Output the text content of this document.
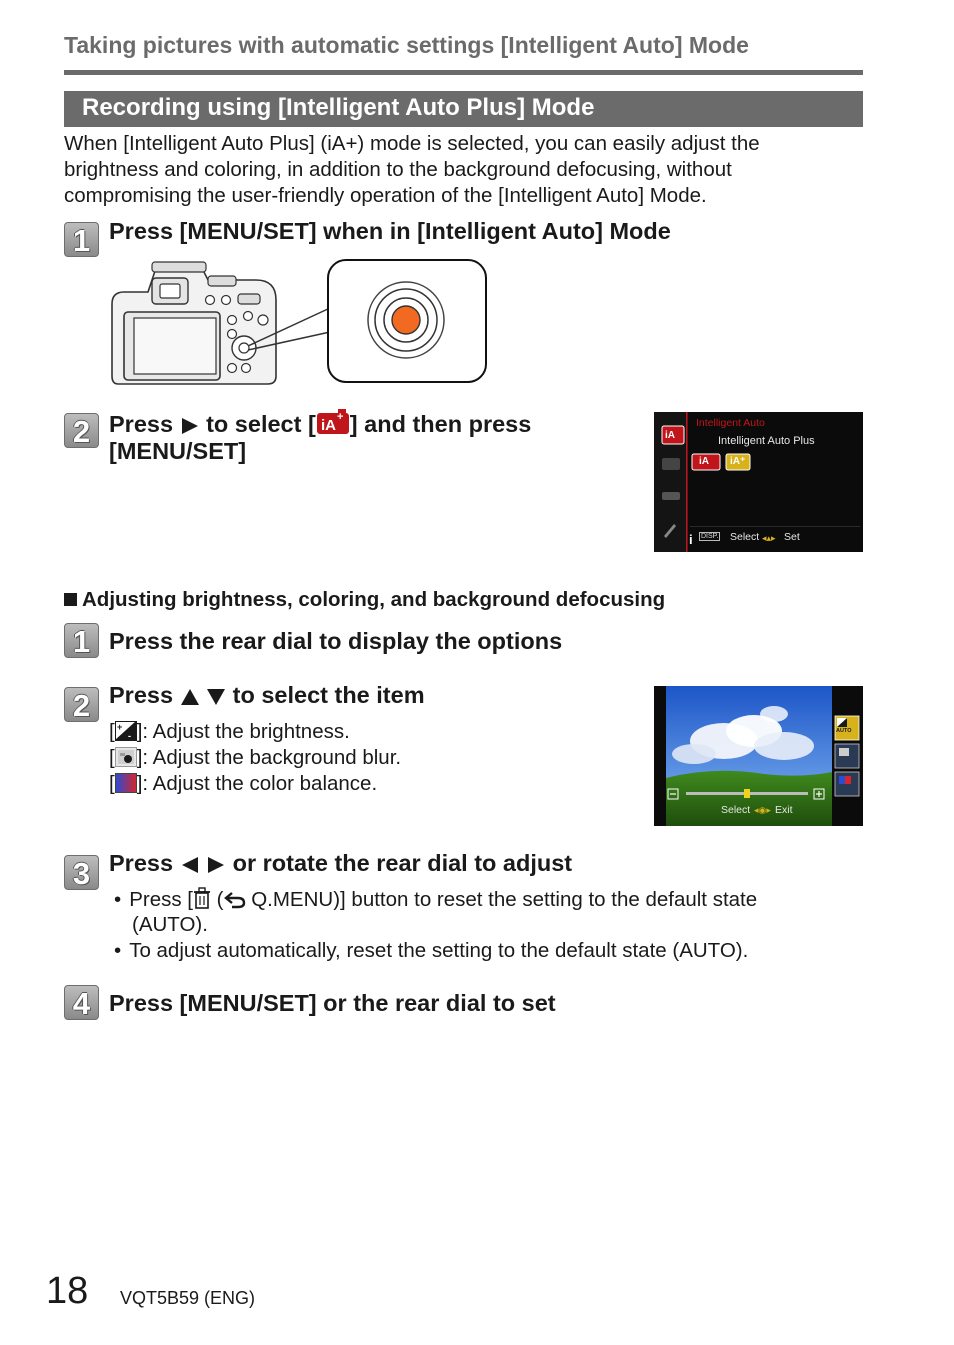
Taking pictures with automatic settings [Intelligent Auto] Mode
Recording using [Intelligent Auto Plus] Mode
When [Intelligent Auto Plus] (iA+) mode is selected, you can easily adjust the
brightness and coloring, in addition to the background defocusing, without
compromising the user-friendly operation of the [Intelligent Auto] Mode.
1 Press [MENU/SET] when in [Intelligent Auto] Mode
2 Press to select [ iA + ] and then press
[MENU/SET]
Intelligent Auto
Intelligent Auto Plus
iA
iA iA⁺
i DISP. Select ◂▴▸ Set
Adjusting brightness, coloring, and background defocusing
1 Press the rear dial to display the options
2 Press	to select the item
[ +
- ]: Adjust the brightness.
[ ]: Adjust the background blur.
[ ]: Adjust the color balance.
AUTO
Select ◂◉▸ Exit
3 Press	or rotate the rear dial to adjust
• Press [ ( Q.MENU)] button to reset the setting to the default state
(AUTO).
• To adjust automatically, reset the setting to the default state (AUTO).
4 Press [MENU/SET] or the rear dial to set
18 VQT5B59 (ENG)
